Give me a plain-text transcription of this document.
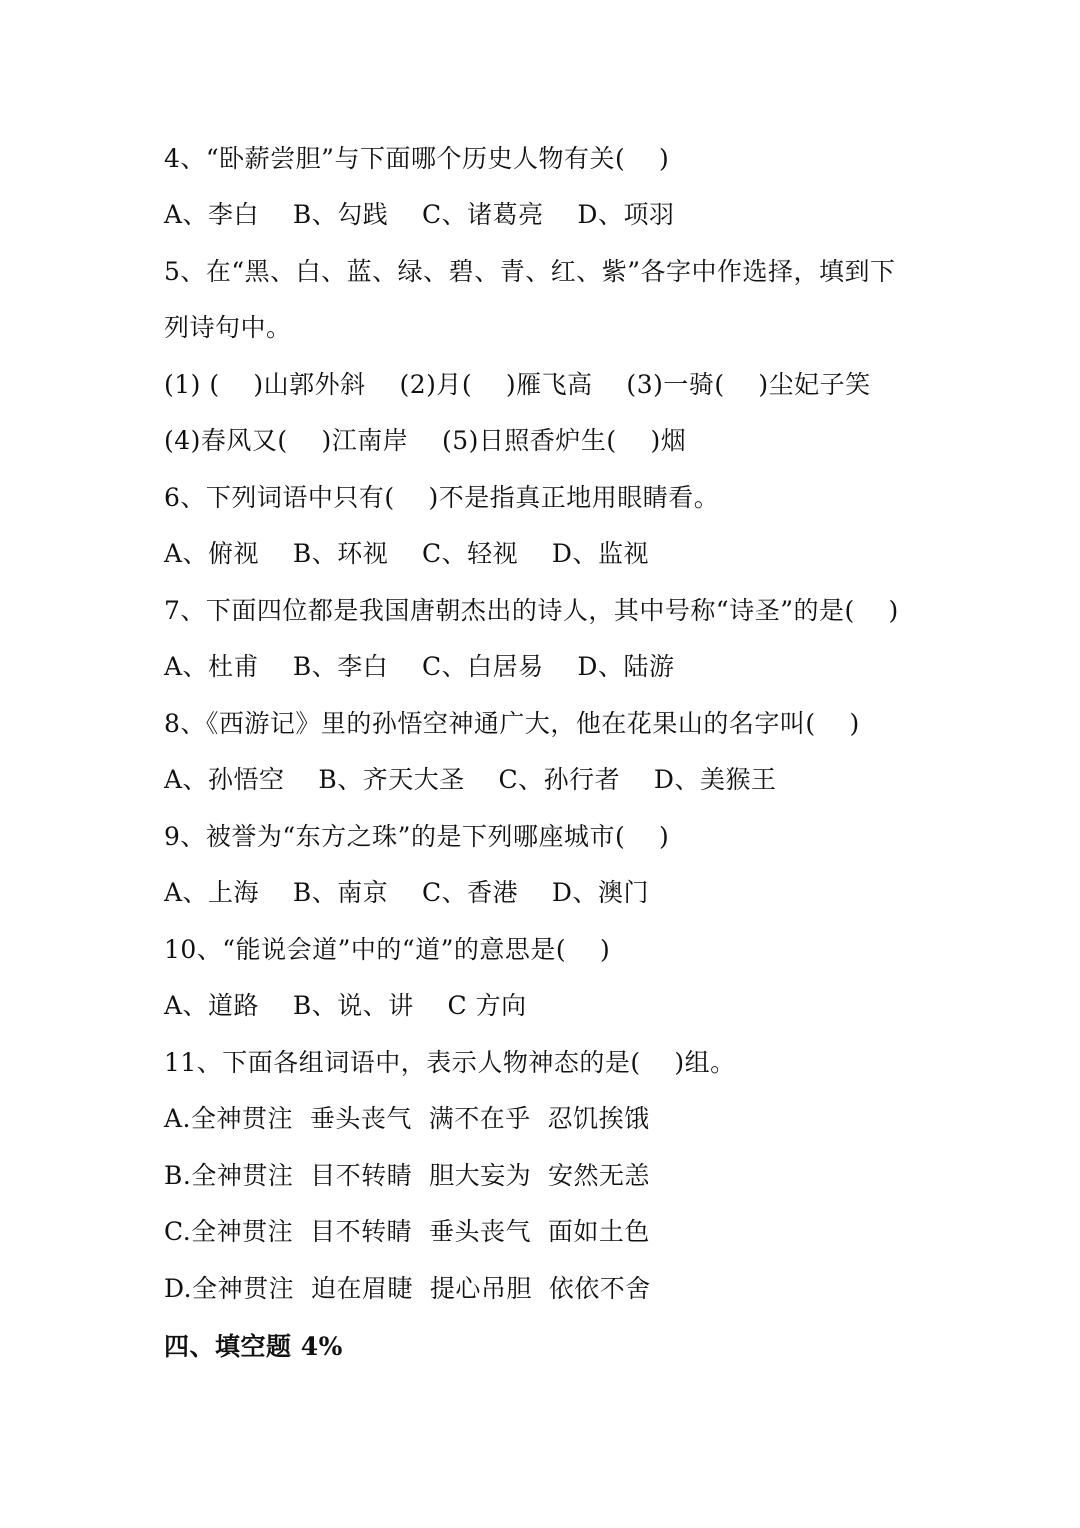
4、“卧薪尝胆”与下面哪个历史人物有关(    )
A、李白    B、勾践    C、诸葛亮    D、项羽
5、在“黑、白、蓝、绿、碧、青、红、紫”各字中作选择，填到下
列诗句中。
(1) (    )山郭外斜    (2)月(    )雁飞高    (3)一骑(    )尘妃子笑
(4)春风又(    )江南岸    (5)日照香炉生(    )烟
6、下列词语中只有(    )不是指真正地用眼睛看。
A、俯视    B、环视    C、轻视    D、监视
7、下面四位都是我国唐朝杰出的诗人，其中号称“诗圣”的是(    )
A、杜甫    B、李白    C、白居易    D、陆游
8、《西游记》里的孙悟空神通广大，他在花果山的名字叫(    )
A、孙悟空    B、齐天大圣    C、孙行者    D、美猴王
9、被誉为“东方之珠”的是下列哪座城市(    )
A、上海    B、南京    C、香港    D、澳门
10、“能说会道”中的“道”的意思是(    )
A、道路    B、说、讲    C 方向
11、下面各组词语中，表示人物神态的是(    )组。
A.全神贯注  垂头丧气  满不在乎  忍饥挨饿
B.全神贯注  目不转睛  胆大妄为  安然无恙
C.全神贯注  目不转睛  垂头丧气  面如土色
D.全神贯注  迫在眉睫  提心吊胆  依依不舍
四、填空题 4%
